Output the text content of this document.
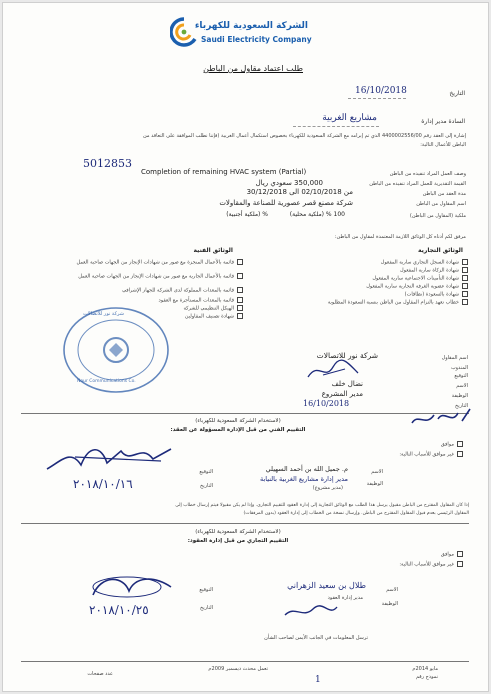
الشركة السعودية للكهرباء
Saudi Electricity Company
طلب اعتماد مقاول من الباطن
التاريخ
16/10/2018
السادة مدير إدارة
مشاريع الغربية
إشارة إلى العقد رقم 4400002556/00 الذي تم إبرامه مع الشركة السعودية للكهرباء بخصوص استكمال أعمال الغربية (فإننا نطلب الموافقة على التعاقد من
الباطن للأعمال التالية:
5012853
وصف العمل المراد تنفيذه من الباطن
Completion of remaining HVAC system (Partial)
القيمة التقديرية للعمل المراد تنفيذه من الباطن
350,000 سعودي ريال
مدة العقد من الباطن
من 02/10/2018 الى 30/12/2018
اسم المقاول من الباطن
شركة مصنع قصر عصورية للصناعة والمقاولات
ملكية (المقاول من الباطن)
100 % (ملكية محلية)
% (ملكية أجنبية)
مرفق لكم أدناه كل الوثائق اللازمة المعتمدة لمقاول من الباطن:
الوثائق التجارية
شهادة السجل التجاري سارية المفعول
شهادة الزكاة سارية المفعول
شهادة التأمينات الاجتماعية سارية المفعول
شهادة عضوية الغرفة التجارية سارية المفعول
شهادة بالسعودة (نطاقات)
خطاب تعهد بالتزام المقاول من الباطن بنسبة السعودة المطلوبة
الوثائق الفنية
قائمة بالأعمال المنجزة مع صور من شهادات الإنجاز من الجهات صاحبة العمل
قائمة بالأعمال الجارية مع صور من شهادات الإنجاز من الجهات صاحبة العمل
قائمة بالمعدات المملوكة لدى الشركة للجهاز الإشرافي
قائمة بالمعدات المستأجرة مع العقود
الهيكل التنظيمي للشركة
شهادة تصنيف المقاولين
شركة نور للاتصالات
Nour Communications Co.
اسم المقاول
شركة نور للاتصالات
المندوب
التوقيع
الاسم
نضال خلف
الوظيفة
مدير المشروع
التاريخ
16/10/2018
(لاستخدام الشركة السعودية للكهرباء)
التقييم الفني من قبل الإدارة المسؤولة عن العقد:
موافق
غير موافق للأسباب التالية:
الاسم
م. جميل الله بن أحمد السهيلي
مدير إدارة مشاريع الغربية بالنيابة
الوظيفة
(مدير مشروع)
التوقيع
التاريخ
٢٠١٨/١٠/١٦
إذا كان المقاول المقترح من الباطن مقبول يرسل هذا الطلب مع الوثائق التجارية إلى إدارة العقود للتقييم التجاري. وإذا لم يكن مقبولا فيتم إرسال خطاب إلى
المقاول الرئيسي بعدم قبول المقاول المقترح من الباطن. وإرسال نسخة من الخطاب إلى إدارة العقود (بدون المرفقات)
(لاستخدام الشركة السعودية للكهرباء)
التقييم التجاري من قبل إدارة العقود:
موافق
غير موافق للأسباب التالية:
الاسم
طلال بن سعيد الزهراني
الوظيفة
مدير إدارة العقود
التوقيع
التاريخ
٢٠١٨/١٠/٢٥
ترسل المعلومات في الجانب الأيمن لصاحب الشأن
مايو 2014م
نموذج رقم
تعمل محدث ديسمبر 2009م
عدد صفحات
1
